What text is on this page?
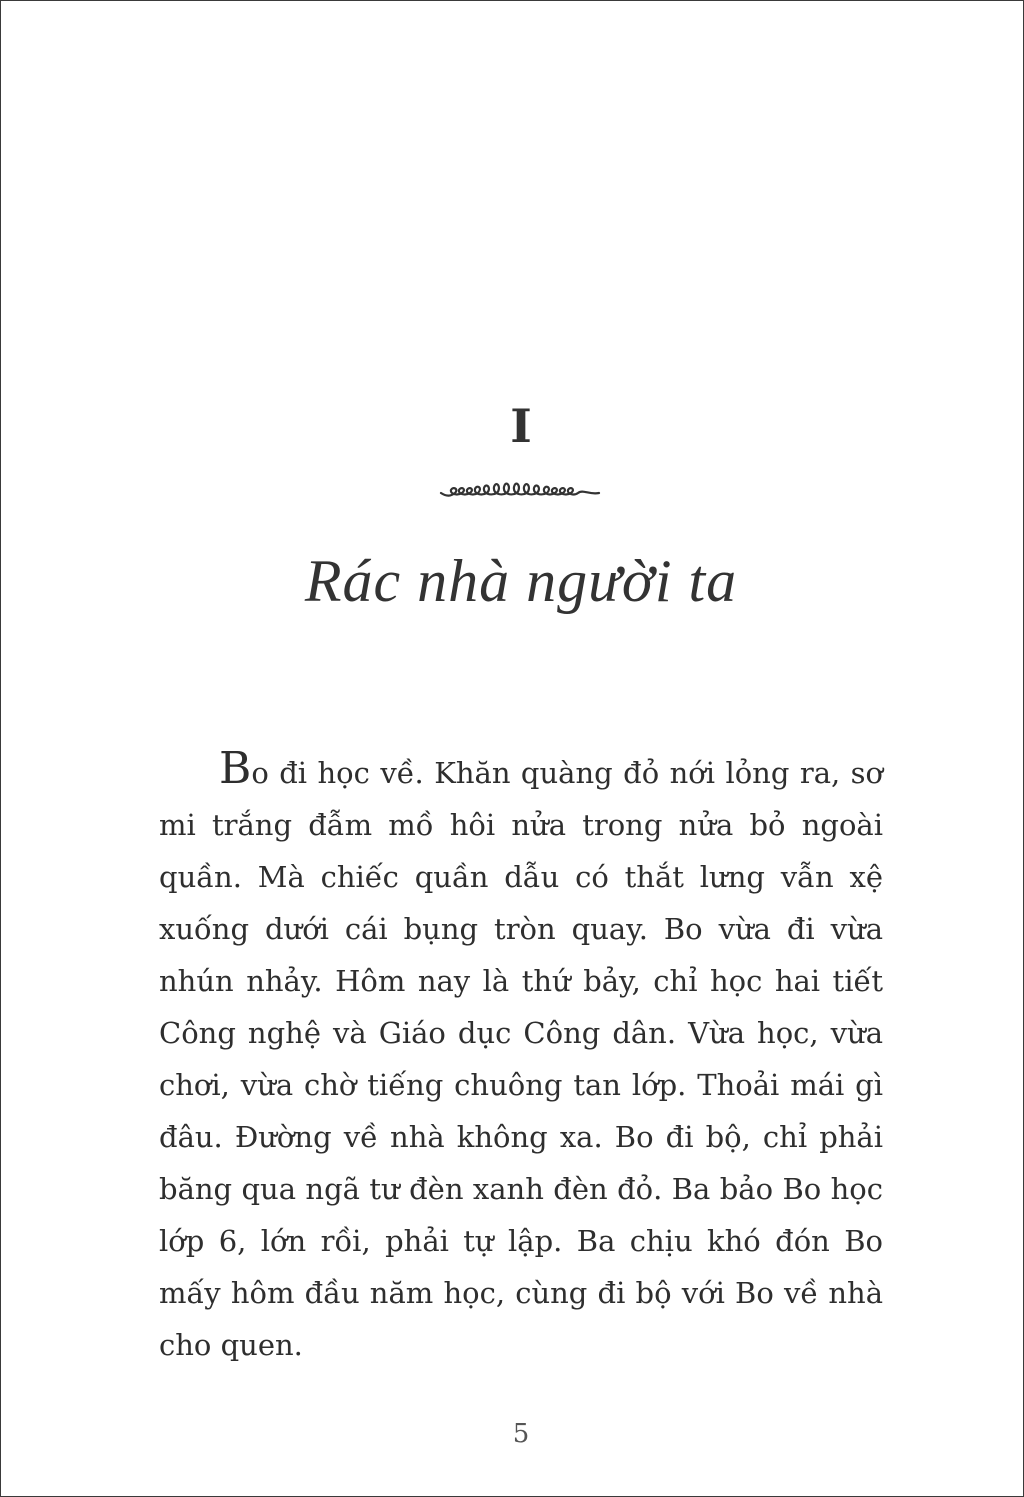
I
Rác nhà người ta

Bo đi học về. Khăn quàng đỏ nới lỏng ra, sơ mi trắng đẫm mồ hôi nửa trong nửa bỏ ngoài quần. Mà chiếc quần dẫu có thắt lưng vẫn xệ xuống dưới cái bụng tròn quay. Bo vừa đi vừa nhún nhảy. Hôm nay là thứ bảy, chỉ học hai tiết Công nghệ và Giáo dục Công dân. Vừa học, vừa chơi, vừa chờ tiếng chuông tan lớp. Thoải mái gì đâu. Đường về nhà không xa. Bo đi bộ, chỉ phải băng qua ngã tư đèn xanh đèn đỏ. Ba bảo Bo học lớp 6, lớn rồi, phải tự lập. Ba chịu khó đón Bo mấy hôm đầu năm học, cùng đi bộ với Bo về nhà cho quen.

5
